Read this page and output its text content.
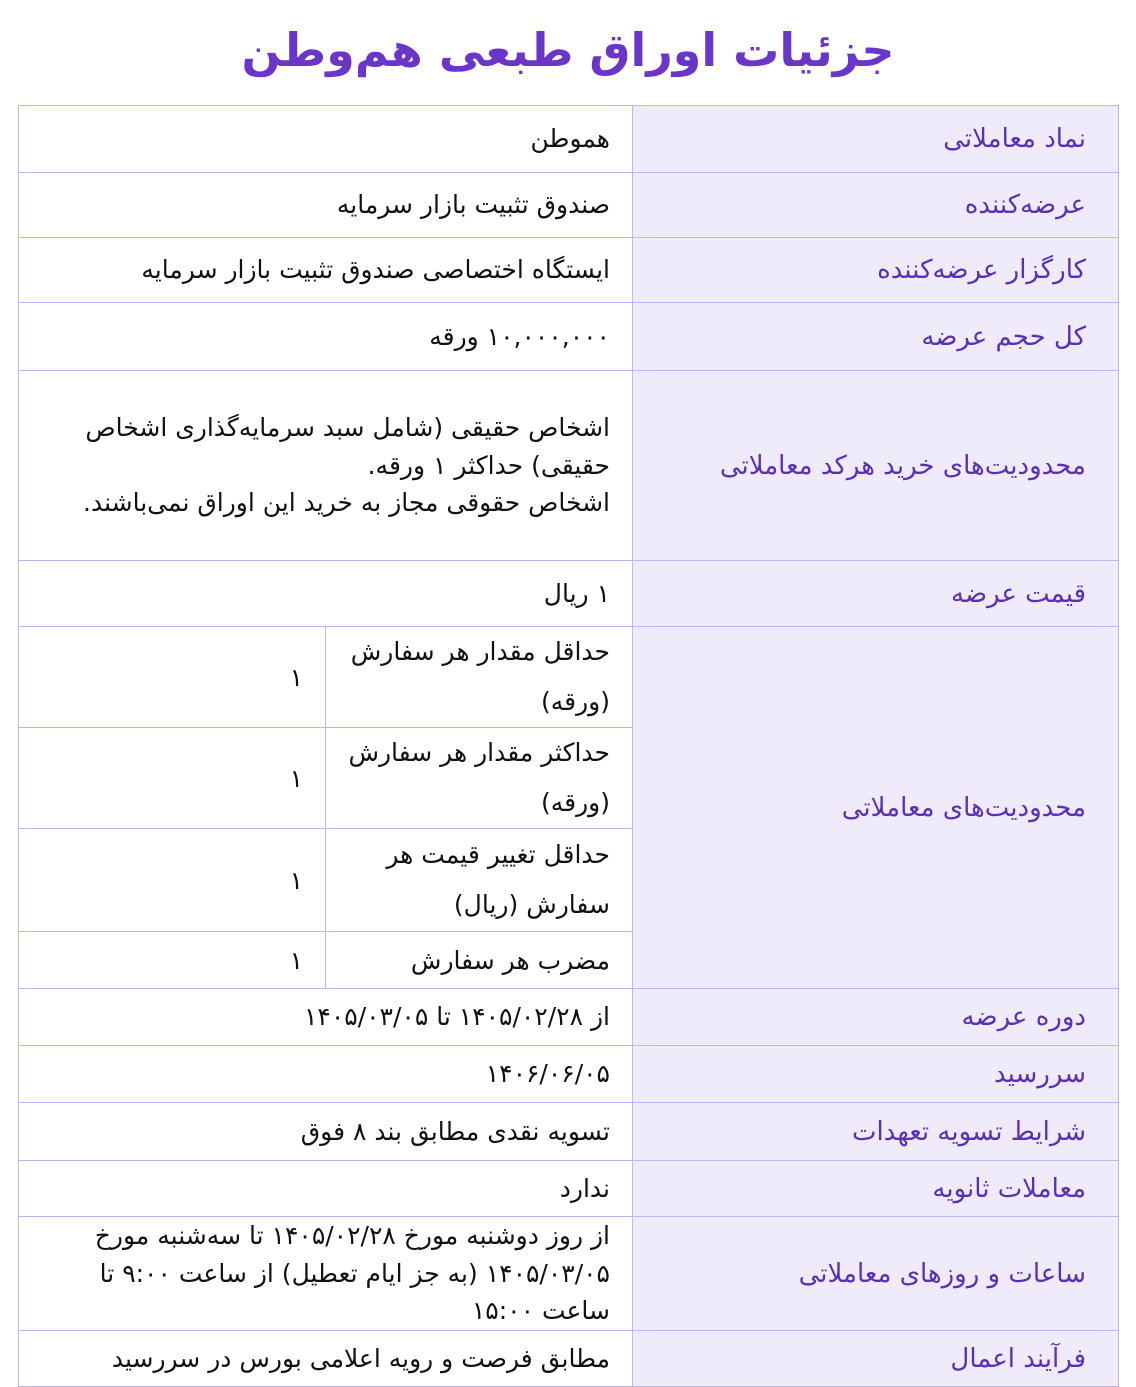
جزئیات اوراق طبعی هم‌وطن
نماد معاملاتی	هموطن	
عرضه‌کننده	صندوق تثبیت بازار سرمایه	
کارگزار عرضه‌کننده	ایستگاه اختصاصی صندوق تثبیت بازار سرمایه	
کل حجم عرضه	۱۰,۰۰۰,۰۰۰ ورقه	
محدودیت‌های خرید هرکد معاملاتی	اشخاص حقیقی (شامل سبد سرمایه‌گذاری اشخاص حقیقی) حداکثر ۱ ورقه.
اشخاص حقوقی مجاز به خرید این اوراق نمی‌باشند.	

قیمت عرضه	۱ ریال	
محدودیت‌های معاملاتی	حداقل مقدار هر سفارش (ورقه)	۱
	حداکثر مقدار هر سفارش (ورقه)	۱
	حداقل تغییر قیمت هر سفارش (ریال)	۱
	مضرب هر سفارش	۱
دوره عرضه	از ۱۴۰۵/۰۲/۲۸ تا ۱۴۰۵/۰۳/۰۵	
سررسید	۱۴۰۶/۰۶/۰۵	
شرایط تسویه تعهدات	تسویه نقدی مطابق بند ۸ فوق	
معاملات ثانویه	ندارد	
ساعات و روزهای معاملاتی	از روز دوشنبه مورخ ۱۴۰۵/۰۲/۲۸ تا سه‌شنبه مورخ ۱۴۰۵/۰۳/۰۵ (به جز ایام تعطیل) از ساعت ۹:۰۰ تا ساعت ۱۵:۰۰	
فرآیند اعمال	مطابق فرصت و رویه اعلامی بورس در سررسید	
